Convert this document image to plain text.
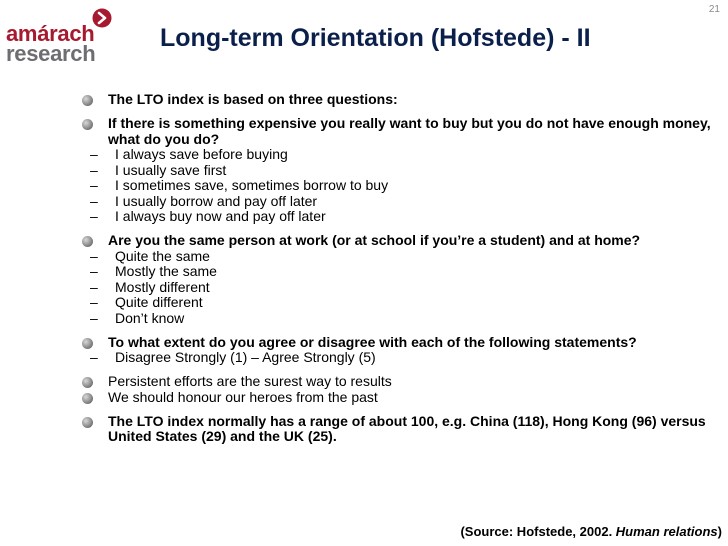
21
amárach
research
Long-term Orientation (Hofstede) - II
The LTO index is based on three questions:
If there is something expensive you really want to buy but you do not have enough money, what do you do?
– I always save before buying
– I usually save first
– I sometimes save, sometimes borrow to buy
– I usually borrow and pay off later
– I always buy now and pay off later
Are you the same person at work (or at school if you’re a student) and at home?
– Quite the same
– Mostly the same
– Mostly different
– Quite different
– Don’t know
To what extent do you agree or disagree with each of the following statements?
– Disagree Strongly (1) – Agree Strongly (5)
Persistent efforts are the surest way to results
We should honour our heroes from the past
The LTO index normally has a range of about 100, e.g. China (118), Hong Kong (96) versus United States (29) and the UK (25).
(Source: Hofstede, 2002. Human relations)
